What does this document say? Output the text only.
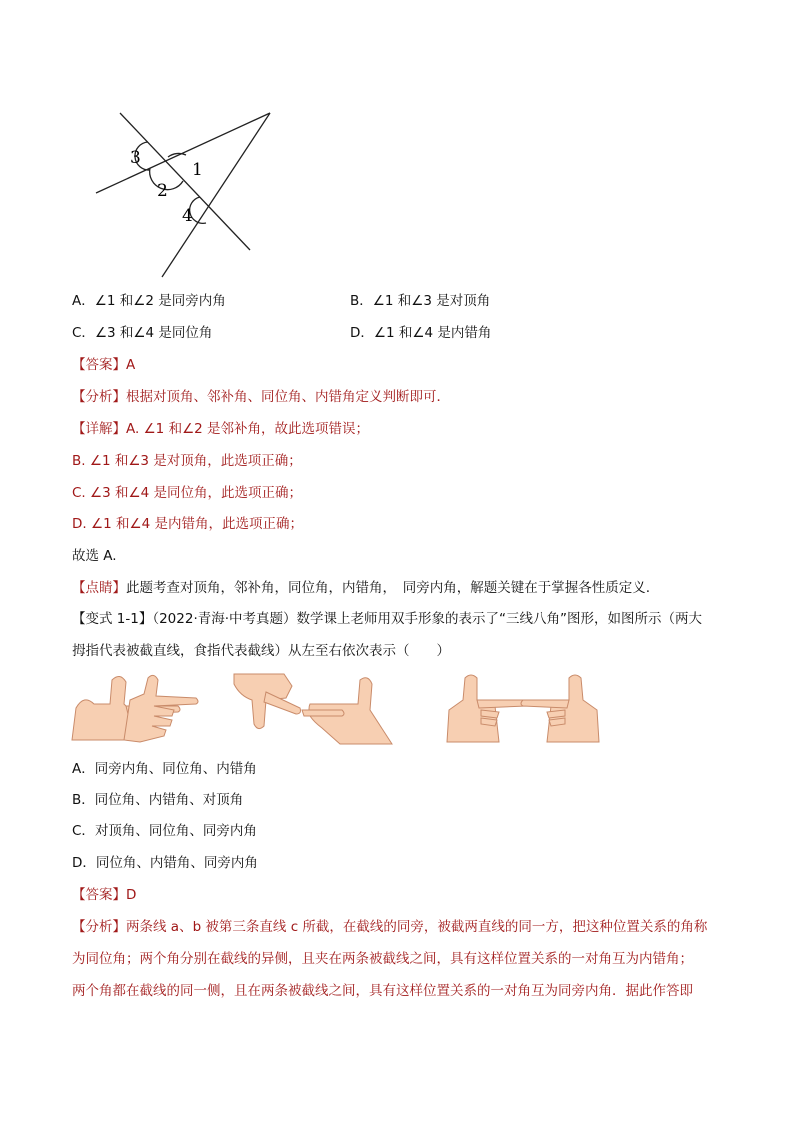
3
1
2
4
A．∠1 和∠2 是同旁内角	B．∠1 和∠3 是对顶角
C．∠3 和∠4 是同位角	D．∠1 和∠4 是内错角
【答案】A
【分析】根据对顶角、邻补角、同位角、内错角定义判断即可．
【详解】A. ∠1 和∠2 是邻补角，故此选项错误；
B. ∠1 和∠3 是对顶角，此选项正确；
C. ∠3 和∠4 是同位角，此选项正确；
D. ∠1 和∠4 是内错角，此选项正确；
故选 A.
【点睛】此题考查对顶角，邻补角，同位角，内错角，　同旁内角，解题关键在于掌握各性质定义.
【变式 1-1】（2022·青海·中考真题）数学课上老师用双手形象的表示了“三线八角”图形，如图所示（两大
拇指代表被截直线，食指代表截线）从左至右依次表示（　　）
A．同旁内角、同位角、内错角
B．同位角、内错角、对顶角
C．对顶角、同位角、同旁内角
D．同位角、内错角、同旁内角
【答案】D
【分析】两条线 a、b 被第三条直线 c 所截，在截线的同旁，被截两直线的同一方，把这种位置关系的角称
为同位角；两个角分别在截线的异侧，且夹在两条被截线之间，具有这样位置关系的一对角互为内错角；
两个角都在截线的同一侧，且在两条被截线之间，具有这样位置关系的一对角互为同旁内角．据此作答即
